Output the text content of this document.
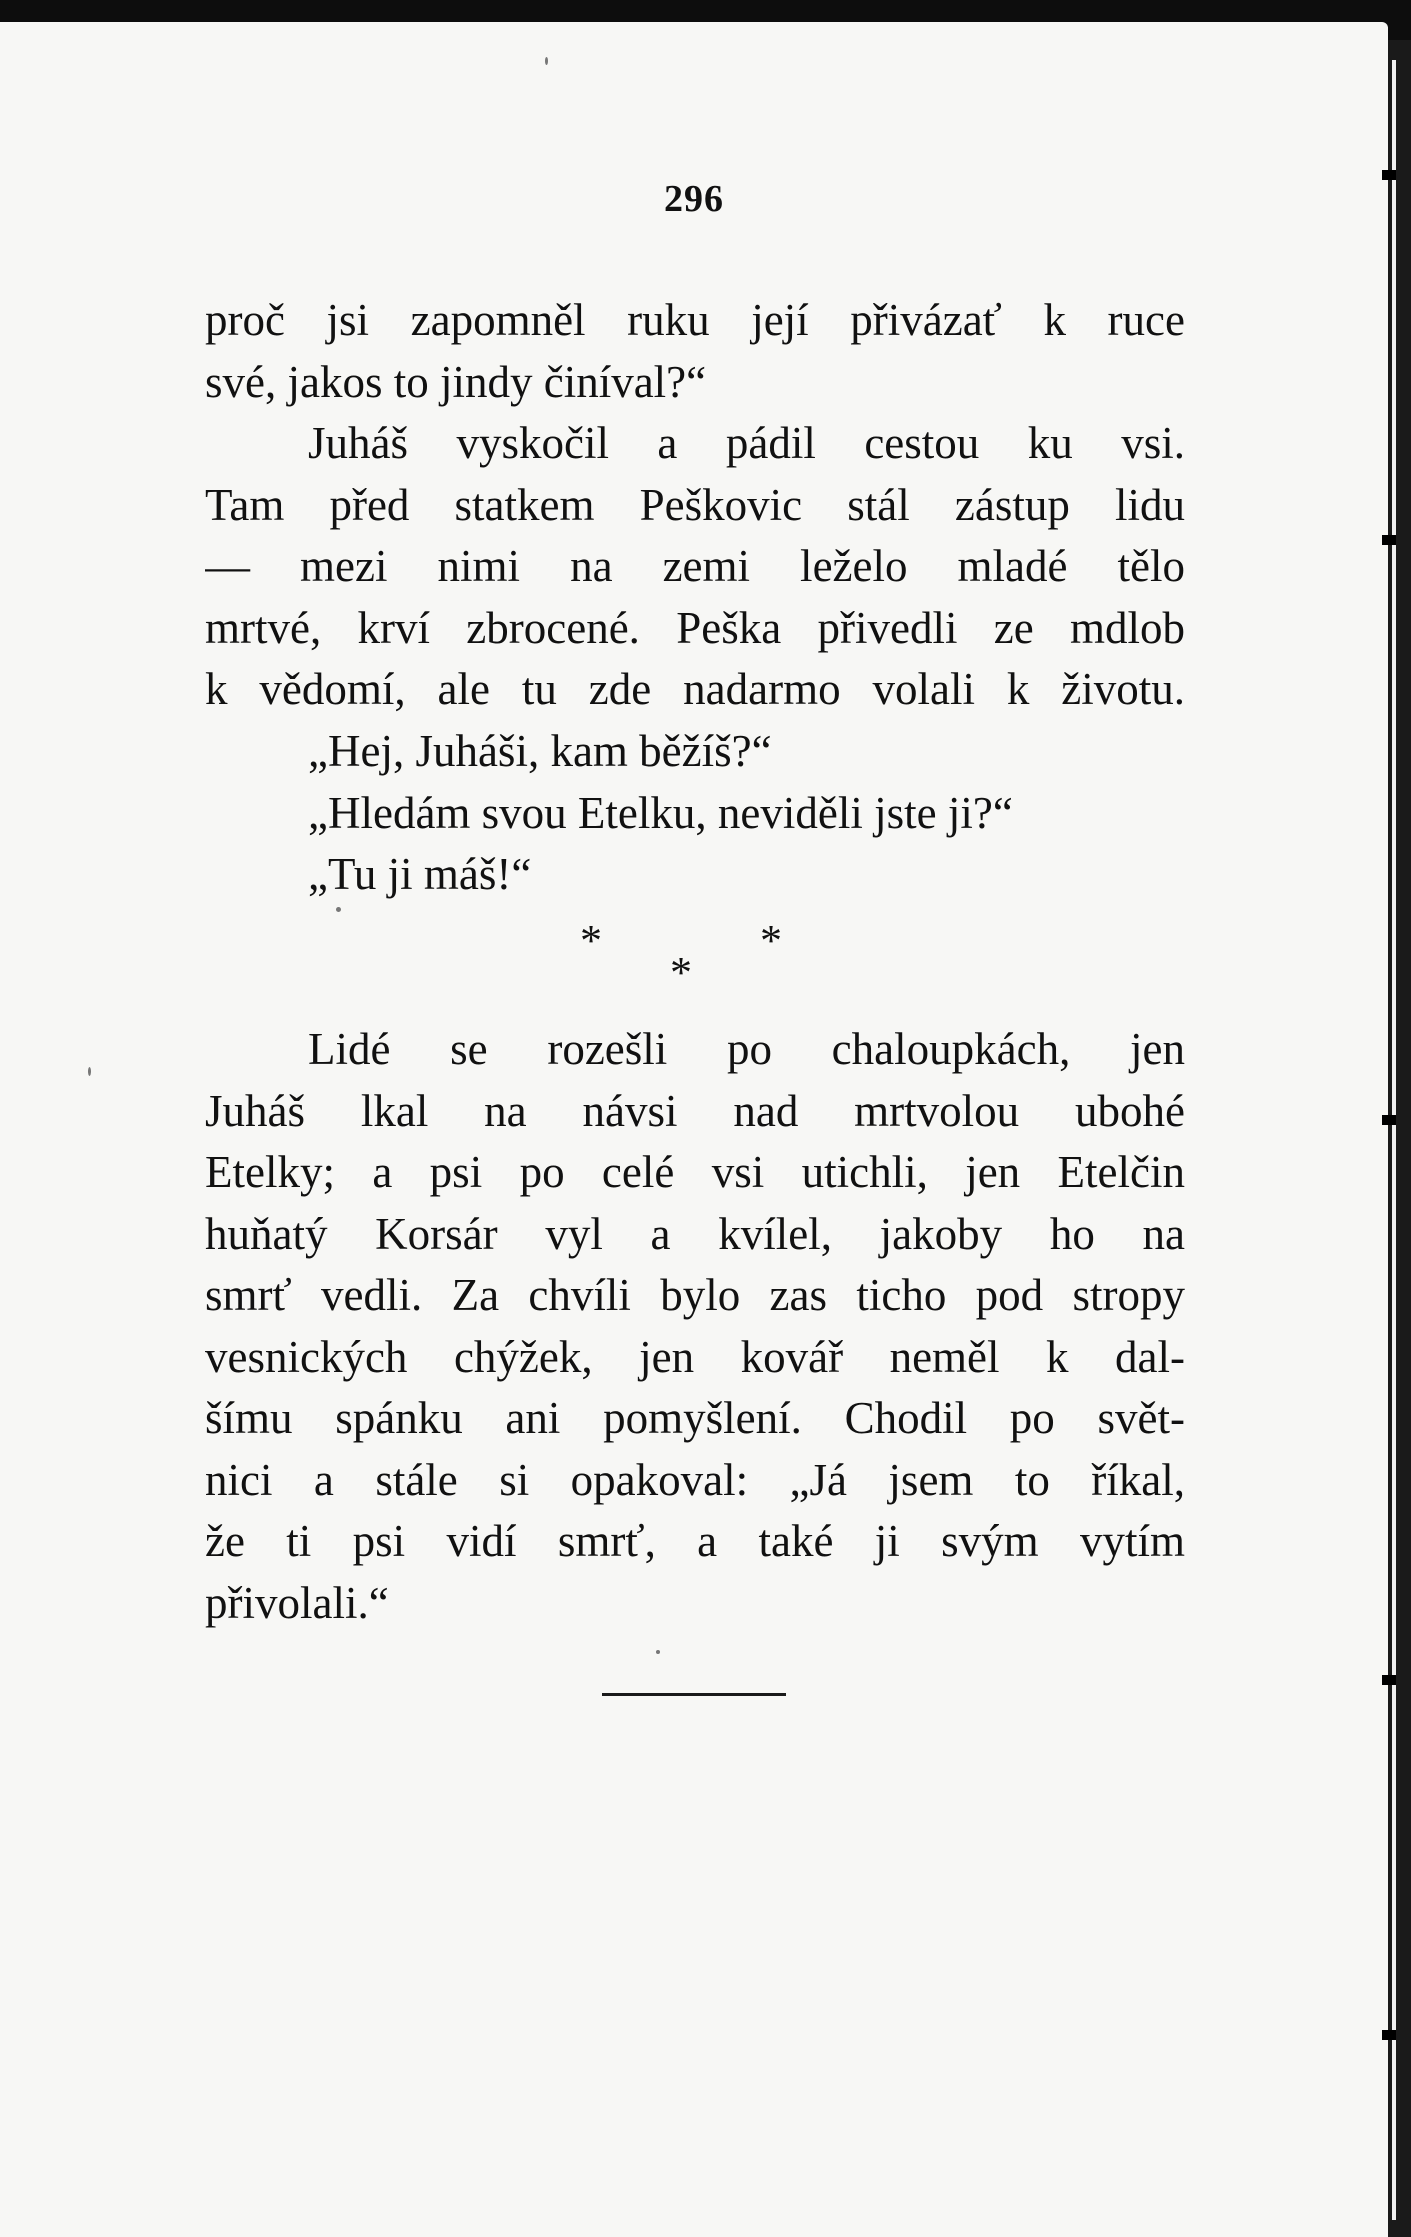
296

proč jsi zapomněl ruku její přivázať k ruce
své, jakos to jindy činíval?“

Juháš vyskočil a pádil cestou ku vsi.
Tam před statkem Peškovic stál zástup lidu
— mezi nimi na zemi leželo mladé tělo
mrtvé, krví zbrocené. Peška přivedli ze mdlob
k vědomí, ale tu zde nadarmo volali k životu.

„Hej, Juháši, kam běžíš?“
„Hledám svou Etelku, neviděli jste ji?“
„Tu ji máš!“
*	*
*

Lidé se rozešli po chaloupkách, jen
Juháš lkal na návsi nad mrtvolou ubohé
Etelky; a psi po celé vsi utichli, jen Etelčin
huňatý Korsár vyl a kvílel, jakoby ho na
smrť vedli. Za chvíli bylo zas ticho pod stropy
vesnických chýžek, jen kovář neměl k dal-
šímu spánku ani pomyšlení. Chodil po svět-
nici a stále si opakoval: „Já jsem to říkal,
že ti psi vidí smrť, a také ji svým vytím
přivolali.“
